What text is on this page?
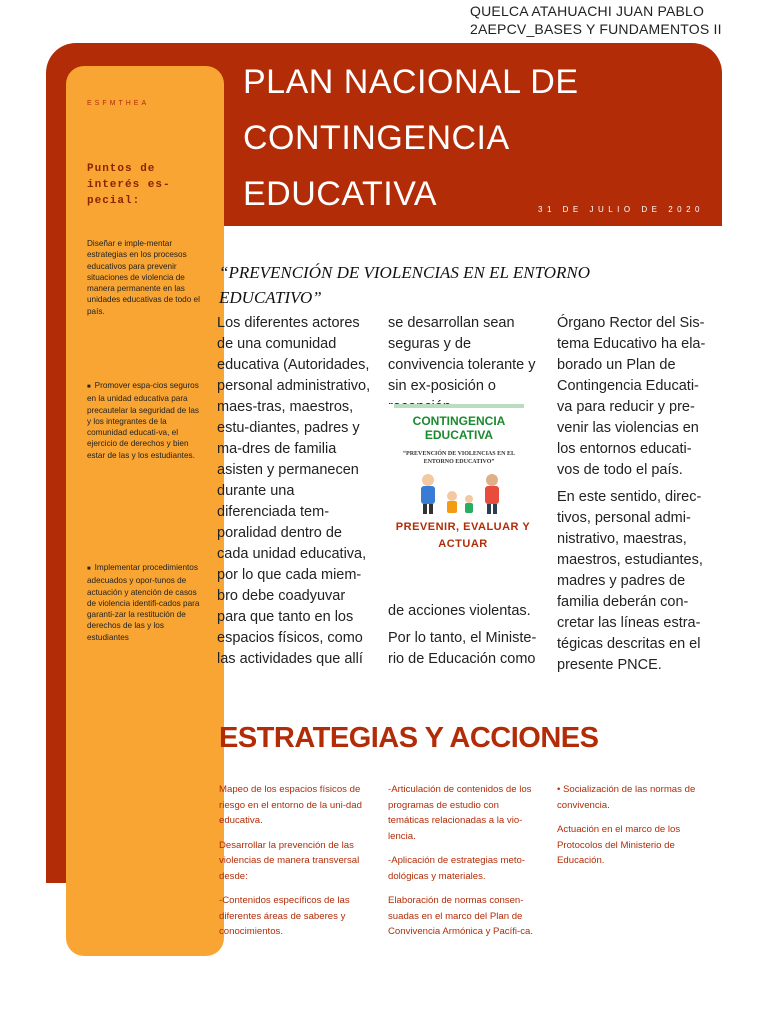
QUELCA ATAHUACHI JUAN PABLO
2AEPCV_BASES Y FUNDAMENTOS II
ESFMTHEA
Puntos de interés es-pecial:
Diseñar e imple-mentar estrategias en los procesos educativos para prevenir situaciones de violencia de manera permanente en las unidades educativas de todo el país.
■ Promover espa-cios seguros en la unidad educativa para precautelar la seguridad de las y los integrantes de la comunidad educati-va, el ejercicio de derechos y bien estar de las y los estudiantes.
■ Implementar procedimientos adecuados y opor-tunos de actuación y atención de casos de violencia identifi-cados para garanti-zar la restitución de derechos de las y los estudiantes
PLAN NACIONAL DE
CONTINGENCIA
EDUCATIVA	31 DE JULIO DE 2020
“PREVENCIÓN DE VIOLENCIAS EN EL ENTORNO EDUCATIVO”

Los diferentes actores de una comunidad educativa (Autoridades, personal administrativo, maes-tras, maestros, estu-diantes, padres y ma-dres de familia asisten y permanecen durante una diferenciada tem-poralidad dentro de cada unidad educativa, por lo que cada miem-bro debe coadyuvar para que tanto en los espacios físicos, como las actividades que allí

se desarrollan sean seguras y de convivencia tolerante y sin ex-posición o

CONTINGENCIA
EDUCATIVA
“PREVENCIÓN DE VIOLENCIAS EN EL ENTORNO EDUCATIVO”
PREVENIR, EVALUAR Y ACTUAR

de acciones violentas.

Por lo tanto, el Ministe-rio de Educación como

Órgano Rector del Sis-tema Educativo ha ela-borado un Plan de Contingencia Educati-va para reducir y pre-venir las violencias en los entornos educati-vos de todo el país.

En este sentido, direc-tivos, personal admi-nistrativo, maestras, maestros, estudiantes, madres y padres de familia deberán con-cretar las líneas estra-tégicas descritas en el presente PNCE.

ESTRATEGIAS Y ACCIONES

Mapeo de los espacios físicos de riesgo en el entorno de la uni-dad educativa.

Desarrollar la prevención de las violencias de manera transversal desde:

-Contenidos específicos de las diferentes áreas de saberes y conocimientos.

-Articulación de contenidos de los programas de estudio con temáticas relacionadas a la vio-lencia.

-Aplicación de estrategias meto-dológicas y materiales.

Elaboración de normas consen-suadas en el marco del Plan de Convivencia Armónica y Pacífi-ca.

• Socialización de las normas de convivencia.

Actuación en el marco de los Protocolos del Ministerio de Educación.
